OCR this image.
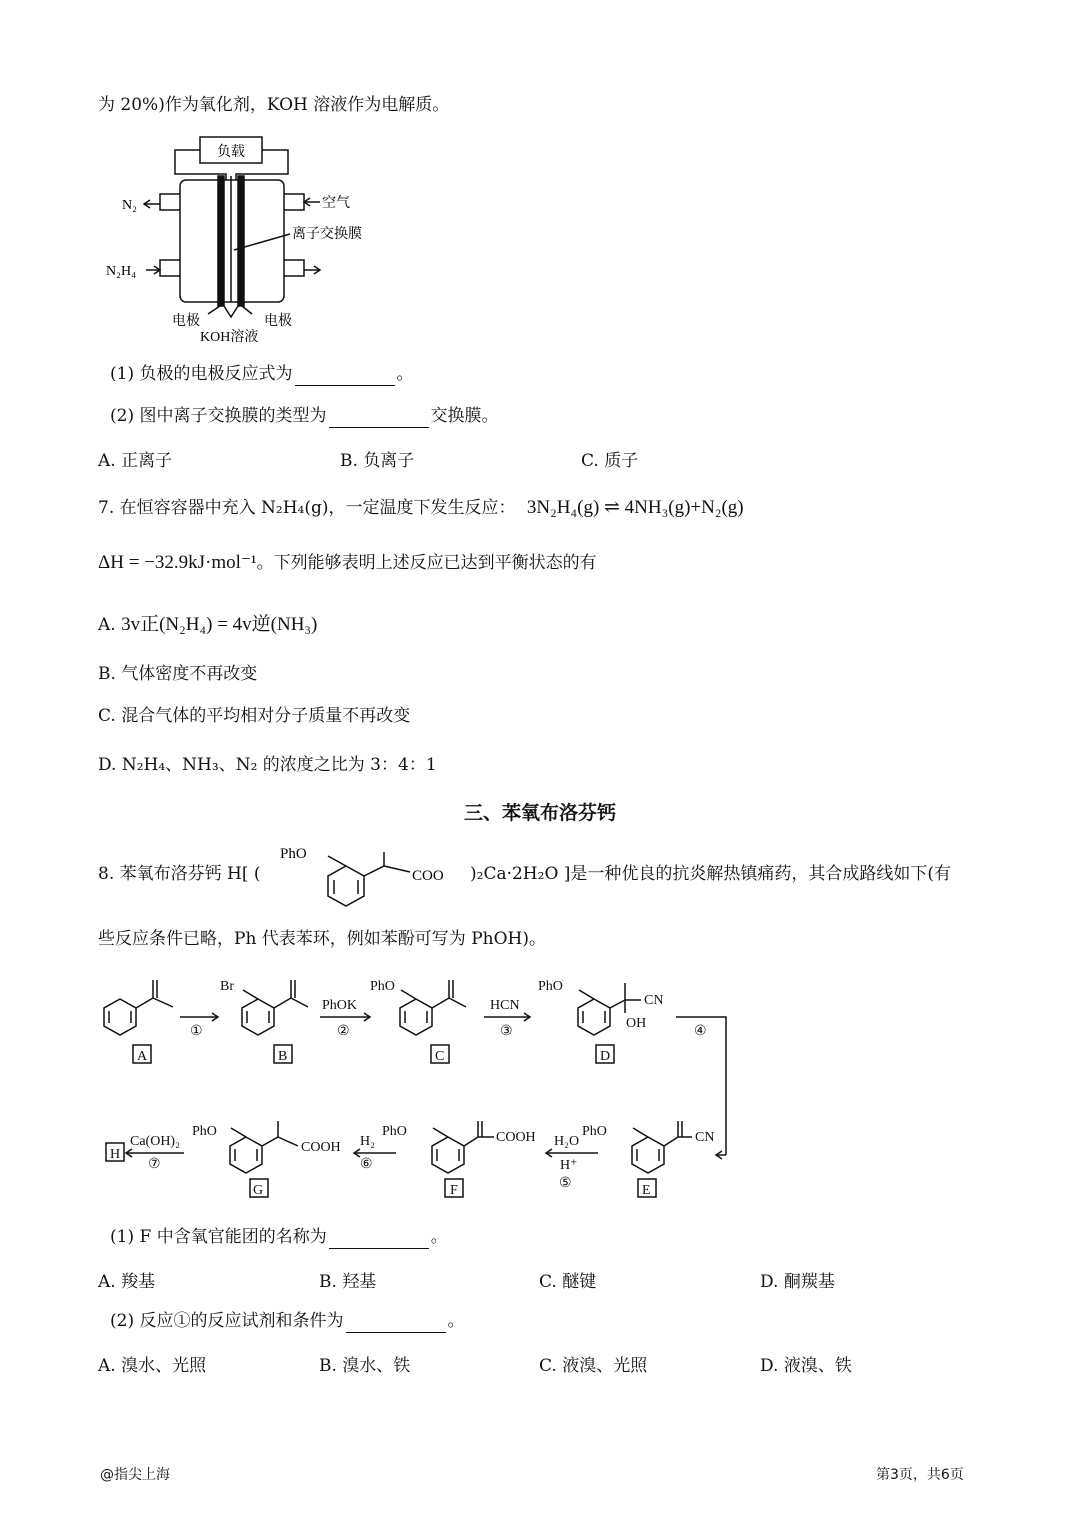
为 20%)作为氧化剂，KOH 溶液作为电解质。
负载
N₂	空气
离子交换膜
N₂H₄
电极	电极
KOH溶液
(1) 负极的电极反应式为	。
(2) 图中离子交换膜的类型为	交换膜。
A. 正离子	B. 负离子	C. 质子
7. 在恒容容器中充入 N₂H₄(g)，一定温度下发生反应： 3N₂H₄(g) ⇌ 4NH₃(g)+N₂(g)
ΔH = −32.9kJ·mol⁻¹。下列能够表明上述反应已达到平衡状态的有
A. 3v正(N₂H₄) = 4v逆(NH₃)
B. 气体密度不再改变
C. 混合气体的平均相对分子质量不再改变
D. N₂H₄、NH₃、N₂ 的浓度之比为 3：4：1
三、苯氧布洛芬钙
8. 苯氧布洛芬钙 H[ (
PhO
COO )₂Ca·2H₂O ]是一种优良的抗炎解热镇痛药，其合成路线如下(有
些反应条件已略，Ph 代表苯环，例如苯酚可写为 PhOH)。
A	B	C	D
E
F
G
H
Br	PhO	PhO
CN
OH
PhO	CN
PhO	COOH
PhO
COOH
①
PhOK
②
HCN
③	④
H₂O
H⁺
⑤
H₂
⑥
Ca(OH)₂
⑦
(1) F 中含氧官能团的名称为	。
A. 羧基	B. 羟基	C. 醚键	D. 酮羰基
(2) 反应①的反应试剂和条件为	。
A. 溴水、光照	B. 溴水、铁	C. 液溴、光照	D. 液溴、铁
@指尖上海	第3页，共6页
